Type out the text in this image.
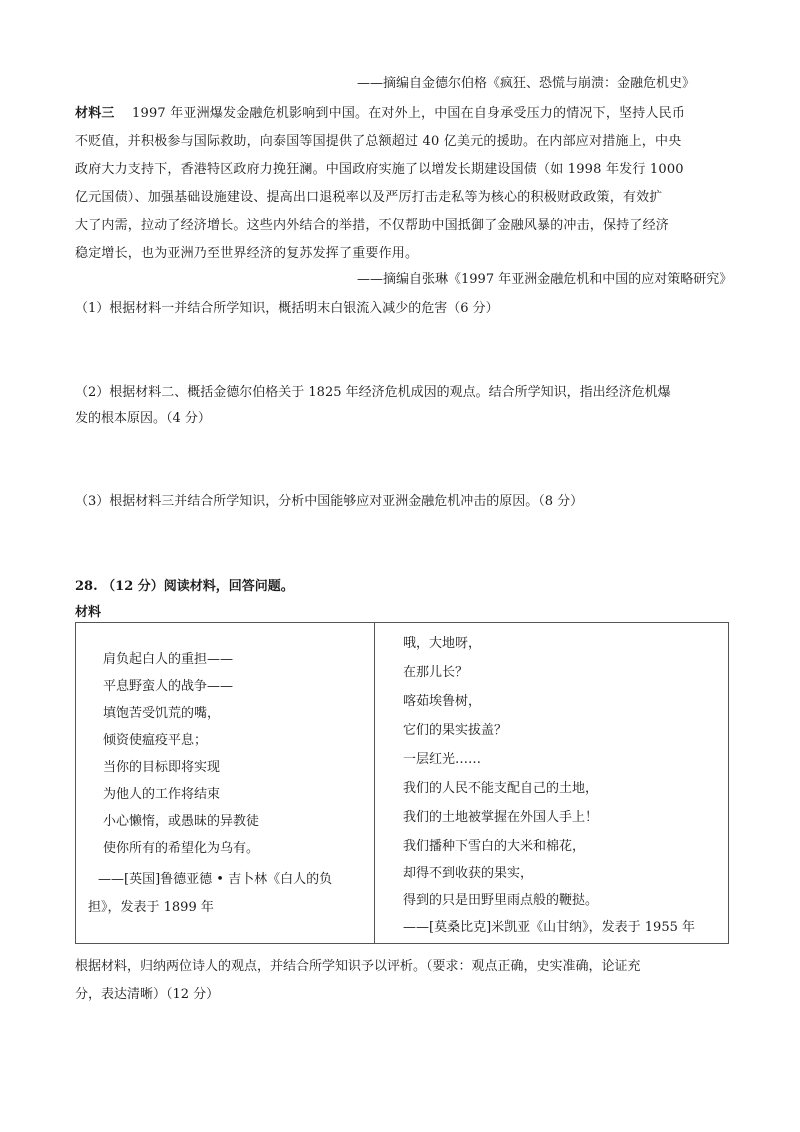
——摘编自金德尔伯格《疯狂、恐慌与崩溃：金融危机史》
材料三 1997 年亚洲爆发金融危机影响到中国。在对外上，中国在自身承受压力的情况下，坚持人民币
不贬值，并积极参与国际救助，向泰国等国提供了总额超过 40 亿美元的援助。在内部应对措施上，中央
政府大力支持下，香港特区政府力挽狂澜。中国政府实施了以增发长期建设国债（如 1998 年发行 1000
亿元国债）、加强基础设施建设、提高出口退税率以及严厉打击走私等为核心的积极财政政策，有效扩
大了内需，拉动了经济增长。这些内外结合的举措，不仅帮助中国抵御了金融风暴的冲击，保持了经济
稳定增长，也为亚洲乃至世界经济的复苏发挥了重要作用。
——摘编自张琳《1997 年亚洲金融危机和中国的应对策略研究》
（1）根据材料一并结合所学知识，概括明末白银流入减少的危害（6 分）
（2）根据材料二、概括金德尔伯格关于 1825 年经济危机成因的观点。结合所学知识，指出经济危机爆
发的根本原因。（4 分）
（3）根据材料三并结合所学知识，分析中国能够应对亚洲金融危机冲击的原因。（8 分）
28. （12 分）阅读材料，回答问题。
材料
肩负起白人的重担——
平息野蛮人的战争——
填饱苦受饥荒的嘴，
倾资使瘟疫平息；
当你的目标即将实现
为他人的工作将结束
小心懒惰，或愚昧的异教徒
使你所有的希望化为乌有。
——[英国]鲁德亚德 • 吉卜林《白人的负
担》，发表于 1899 年
哦，大地呀，
在那儿长？
喀茹埃鲁树，
它们的果实拔盖？
一层红光……
我们的人民不能支配自己的土地，
我们的土地被掌握在外国人手上！
我们播种下雪白的大米和棉花，
却得不到收获的果实，
得到的只是田野里雨点般的鞭挞。
——[莫桑比克]米凯亚《山甘纳》，发表于 1955 年
根据材料，归纳两位诗人的观点，并结合所学知识予以评析。（要求：观点正确，史实准确，论证充
分，表达清晰）（12 分）
